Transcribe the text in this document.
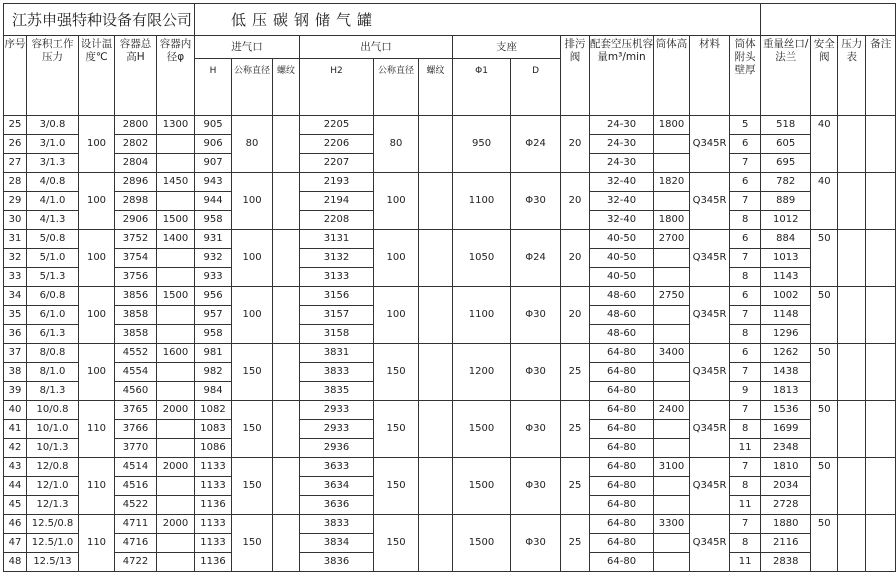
江苏申强特种设备有限公司					低压碳钢储气罐																
序号	容积工作压力	设计温度℃	容器总高H	容器内径φ	进气口			出气口			支座		排污阀	配套空压机容量m³/min	筒体高	材料	筒体附头壁厚	重量丝口/法兰	安全阀	压力表	备注
					H	公称直径	螺纹	H2	公称直径	螺纹	Φ1	D									
25	3/0.8	100	2800	1300	905	80		2205	80		950	Φ24	20	24-30	1800	Q345R	5	518	40		
26	3/1.0		2802		906			2206						24-30			6	605			
27	3/1.3		2804		907			2207						24-30			7	695			
28	4/0.8	100	2896	1450	943	100		2193	100		1100	Φ30	20	32-40	1820	Q345R	6	782	40		
29	4/1.0		2898		944			2194						32-40			7	889			
30	4/1.3		2906	1500	958			2208						32-40	1800		8	1012			
31	5/0.8	100	3752	1400	931	100		3131	100		1050	Φ24	20	40-50	2700	Q345R	6	884	50		
32	5/1.0		3754		932			3132						40-50			7	1013			
33	5/1.3		3756		933			3133						40-50			8	1143			
34	6/0.8	100	3856	1500	956	100		3156	100		1100	Φ30	20	48-60	2750	Q345R	6	1002	50		
35	6/1.0		3858		957			3157						48-60			7	1148			
36	6/1.3		3858		958			3158						48-60			8	1296			
37	8/0.8	100	4552	1600	981	150		3831	150		1200	Φ30	25	64-80	3400	Q345R	6	1262	50		
38	8/1.0		4554		982			3833						64-80			7	1438			
39	8/1.3		4560		984			3835						64-80			9	1813			
40	10/0.8	110	3765	2000	1082	150		2933	150		1500	Φ30	25	64-80	2400	Q345R	7	1536	50		
41	10/1.0		3766		1083			2933						64-80			8	1699			
42	10/1.3		3770		1086			2936						64-80			11	2348			
43	12/0.8	110	4514	2000	1133	150		3633	150		1500	Φ30	25	64-80	3100	Q345R	7	1810	50		
44	12/1.0		4516		1133			3634						64-80			8	2034			
45	12/1.3		4522		1136			3636						64-80			11	2728			
46	12.5/0.8	110	4711	2000	1133	150		3833	150		1500	Φ30	25	64-80	3300	Q345R	7	1880	50		
47	12.5/1.0		4716		1133			3834						64-80			8	2116			
48	12.5/13		4722		1136			3836						64-80			11	2838			
